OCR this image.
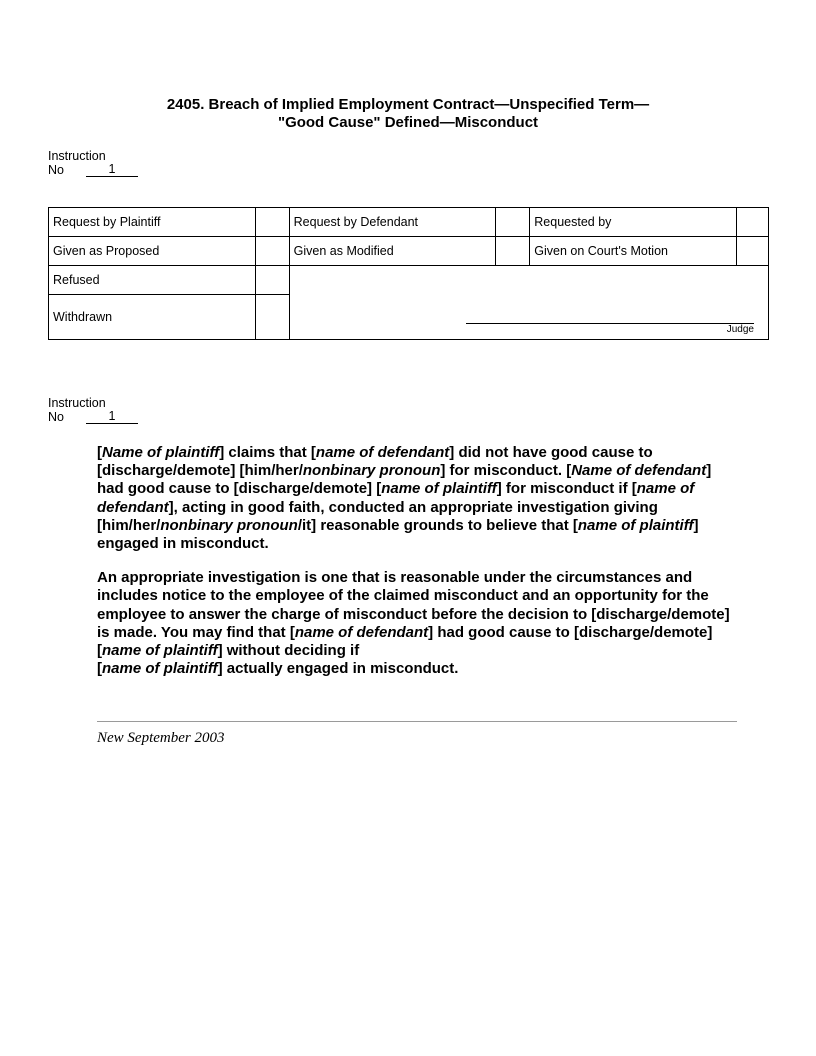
2405. Breach of Implied Employment Contract—Unspecified Term—
"Good Cause" Defined—Misconduct
Instruction
No	1
Request by Plaintiff		Request by Defendant		Requested by	
Given as Proposed		Given as Modified		Given on Court's Motion	
Refused		Judge			

Withdrawn					
Instruction
No	1

[Name of plaintiff] claims that [name of defendant] did not have good cause to [discharge/demote] [him/her/nonbinary pronoun] for misconduct. [Name of defendant] had good cause to [discharge/demote] [name of plaintiff] for misconduct if [name of defendant], acting in good faith, conducted an appropriate investigation giving [him/her/nonbinary pronoun/it] reasonable grounds to believe that [name of plaintiff] engaged in misconduct.

An appropriate investigation is one that is reasonable under the circumstances and includes notice to the employee of the claimed misconduct and an opportunity for the employee to answer the charge of misconduct before the decision to [discharge/demote] is made. You may find that [name of defendant] had good cause to [discharge/demote] [name of plaintiff] without deciding if
[name of plaintiff] actually engaged in misconduct.

New September 2003
